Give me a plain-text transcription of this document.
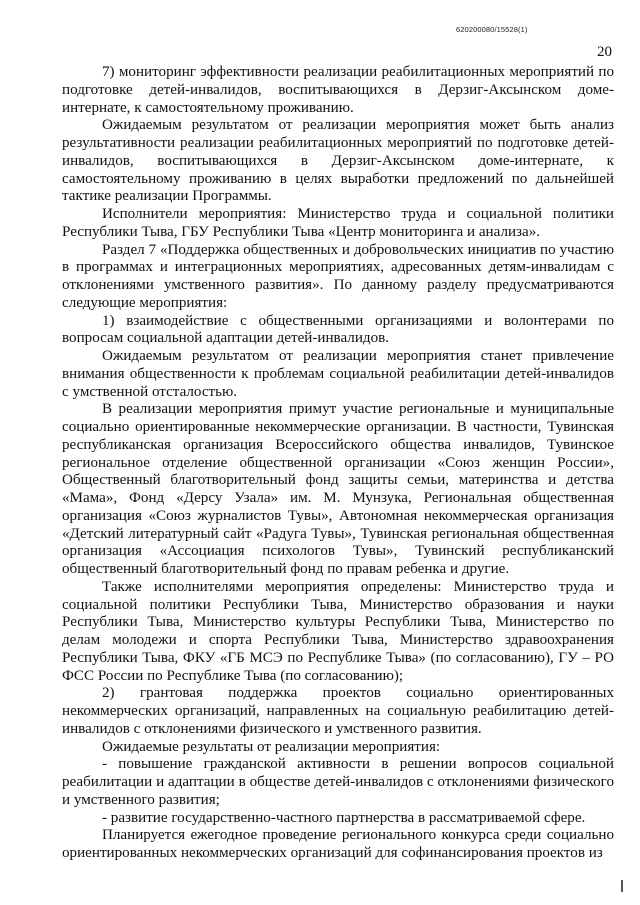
620200080/15528(1)
20

7) мониторинг эффективности реализации реабилитационных мероприятий по подготовке детей-инвалидов, воспитывающихся в Дерзиг-Аксынском доме-интернате, к самостоятельному проживанию.

Ожидаемым результатом от реализации мероприятия может быть анализ результативности реализации реабилитационных мероприятий по подготовке детей-инвалидов, воспитывающихся в Дерзиг-Аксынском доме-интернате, к самостоятельному проживанию в целях выработки предложений по дальнейшей тактике реализации Программы.

Исполнители мероприятия: Министерство труда и социальной политики Республики Тыва, ГБУ Республики Тыва «Центр мониторинга и анализа».

Раздел 7 «Поддержка общественных и добровольческих инициатив по участию в программах и интеграционных мероприятиях, адресованных детям-инвалидам с отклонениями умственного развития». По данному разделу предусматриваются следующие мероприятия:

1) взаимодействие с общественными организациями и волонтерами по вопросам социальной адаптации детей-инвалидов.

Ожидаемым результатом от реализации мероприятия станет привлечение внимания общественности к проблемам социальной реабилитации детей-инвалидов с умственной отсталостью.

В реализации мероприятия примут участие региональные и муниципальные социально ориентированные некоммерческие организации. В частности, Тувинская республиканская организация Всероссийского общества инвалидов, Тувинское региональное отделение общественной организации «Союз женщин России», Общественный благотворительный фонд защиты семьи, материнства и детства «Мама», Фонд «Дерсу Узала» им. М. Мунзука, Региональная общественная организация «Союз журналистов Тувы», Автономная некоммерческая организация «Детский литературный сайт «Радуга Тувы», Тувинская региональная общественная организация «Ассоциация психологов Тувы», Тувинский республиканский общественный благотворительный фонд по правам ребенка и другие.

Также исполнителями мероприятия определены: Министерство труда и социальной политики Республики Тыва, Министерство образования и науки Республики Тыва, Министерство культуры Республики Тыва, Министерство по делам молодежи и спорта Республики Тыва, Министерство здравоохранения Республики Тыва, ФКУ «ГБ МСЭ по Республике Тыва» (по согласованию), ГУ – РО ФСС России по Республике Тыва (по согласованию);

2) грантовая поддержка проектов социально ориентированных некоммерческих организаций, направленных на социальную реабилитацию детей-инвалидов с отклонениями физического и умственного развития.

Ожидаемые результаты от реализации мероприятия:

- повышение гражданской активности в решении вопросов социальной реабилитации и адаптации в обществе детей-инвалидов с отклонениями физического и умственного развития;

- развитие государственно-частного партнерства в рассматриваемой сфере.

Планируется ежегодное проведение регионального конкурса среди социально ориентированных некоммерческих организаций для софинансирования проектов из
